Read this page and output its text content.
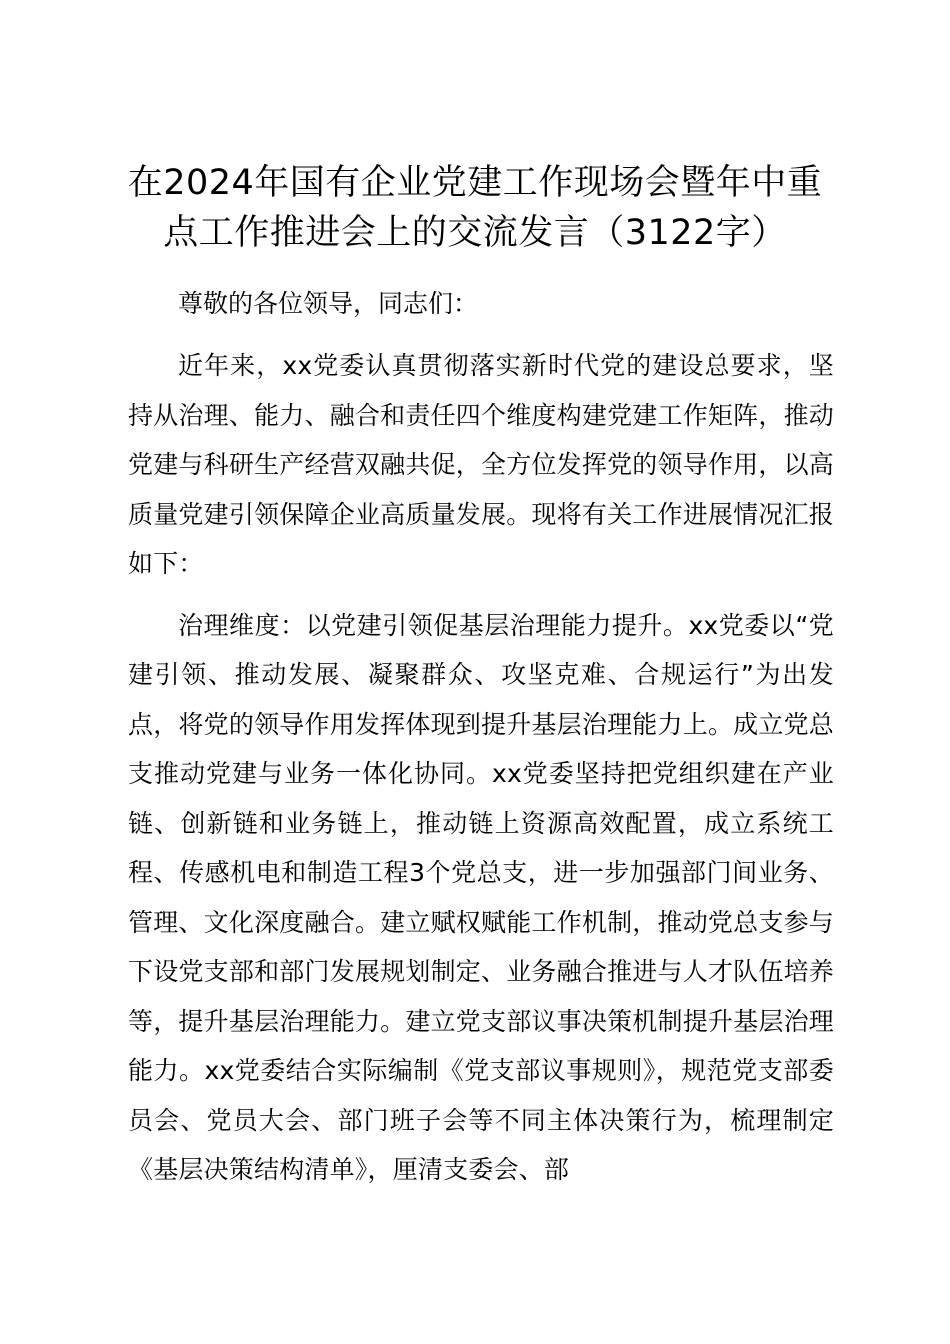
在2024年国有企业党建工作现场会暨年中重点工作推进会上的交流发言（3122字）

尊敬的各位领导，同志们：

近年来，xx党委认真贯彻落实新时代党的建设总要求，坚持从治理、能力、融合和责任四个维度构建党建工作矩阵，推动党建与科研生产经营双融共促，全方位发挥党的领导作用，以高质量党建引领保障企业高质量发展。现将有关工作进展情况汇报如下：

治理维度：以党建引领促基层治理能力提升。xx党委以“党建引领、推动发展、凝聚群众、攻坚克难、合规运行”为出发点，将党的领导作用发挥体现到提升基层治理能力上。成立党总支推动党建与业务一体化协同。xx党委坚持把党组织建在产业链、创新链和业务链上，推动链上资源高效配置，成立系统工程、传感机电和制造工程3个党总支，进一步加强部门间业务、管理、文化深度融合。建立赋权赋能工作机制，推动党总支参与下设党支部和部门发展规划制定、业务融合推进与人才队伍培养等，提升基层治理能力。建立党支部议事决策机制提升基层治理能力。xx党委结合实际编制《党支部议事规则》，规范党支部委员会、党员大会、部门班子会等不同主体决策行为，梳理制定《基层决策结构清单》，厘清支委会、部
